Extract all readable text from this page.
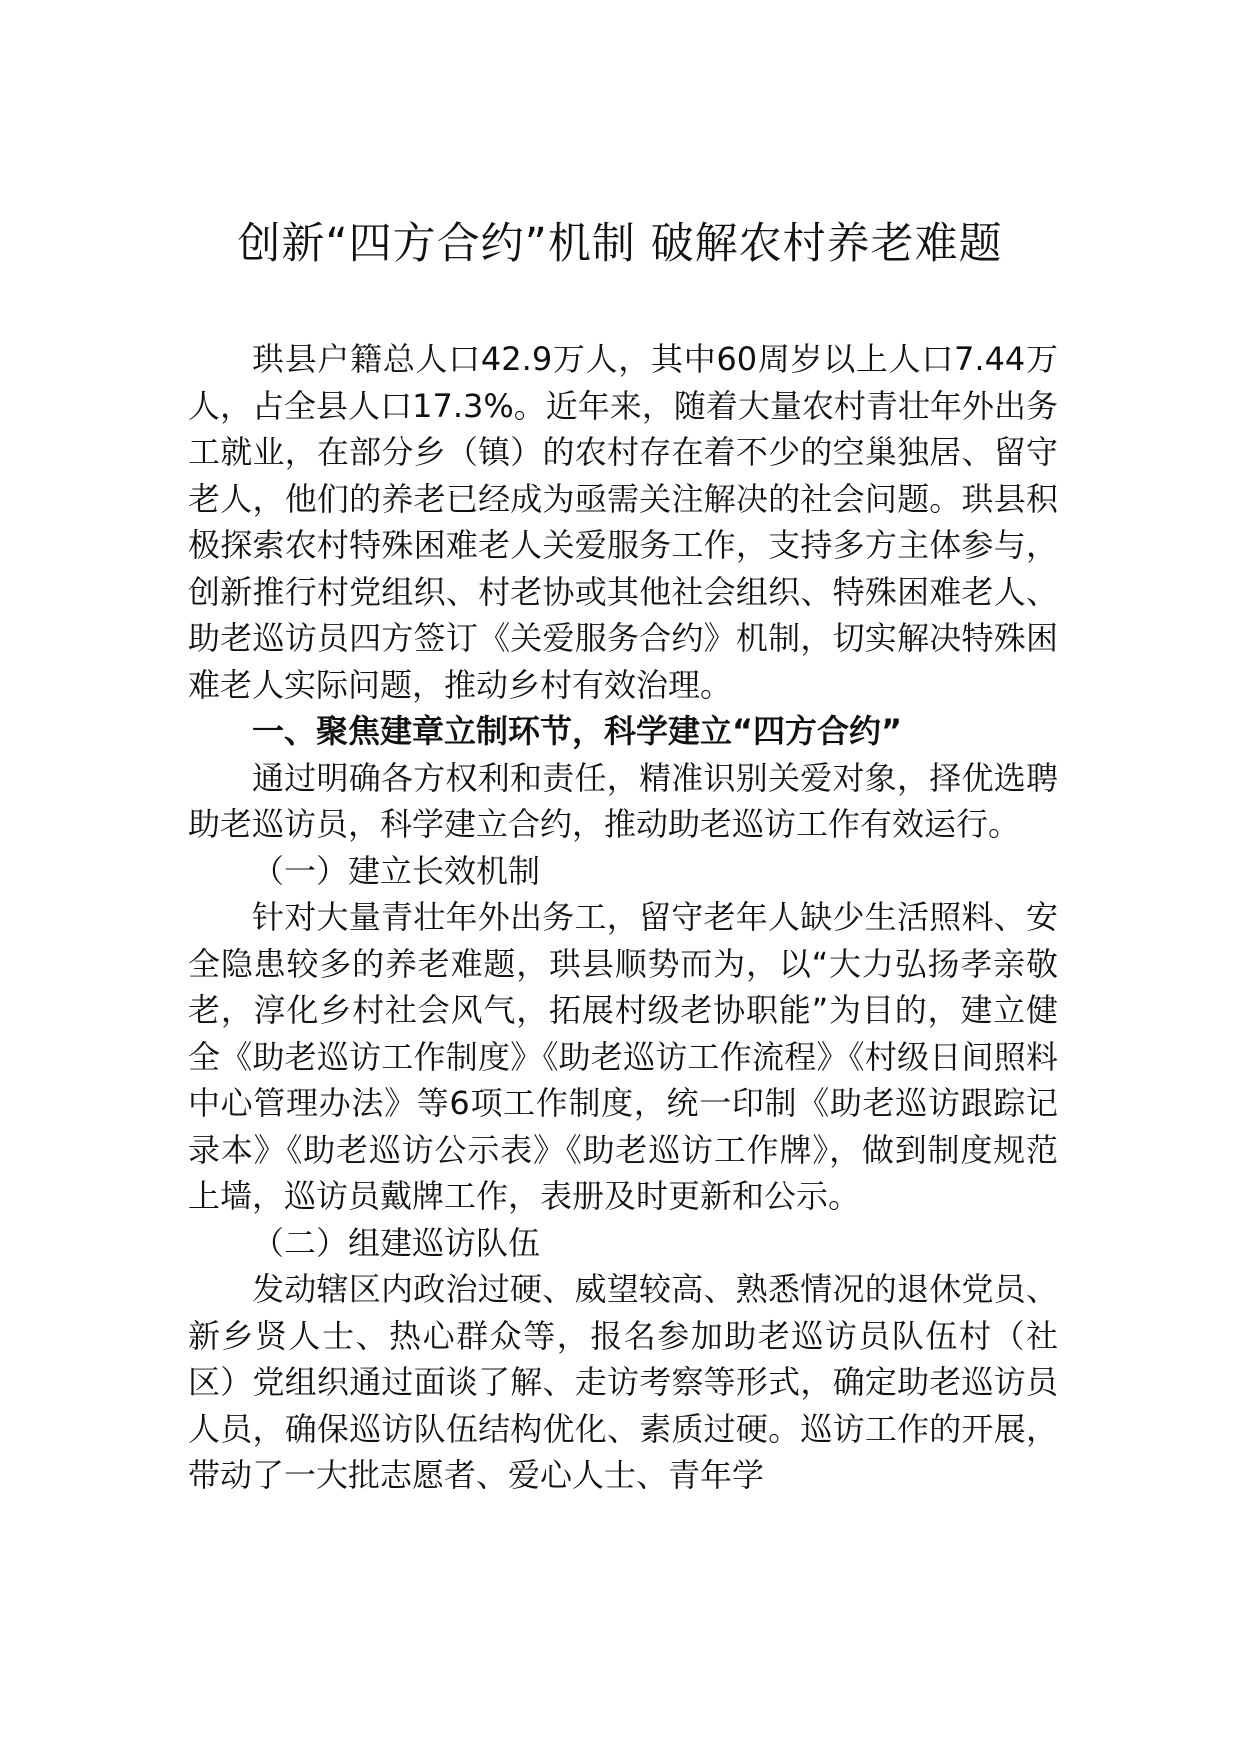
创新“四方合约”机制 破解农村养老难题

珙县户籍总人口42.9万人，其中60周岁以上人口7.44万人，占全县人口17.3%。近年来，随着大量农村青壮年外出务工就业，在部分乡（镇）的农村存在着不少的空巢独居、留守老人，他们的养老已经成为亟需关注解决的社会问题。珙县积极探索农村特殊困难老人关爱服务工作，支持多方主体参与，创新推行村党组织、村老协或其他社会组织、特殊困难老人、助老巡访员四方签订《关爱服务合约》机制，切实解决特殊困难老人实际问题，推动乡村有效治理。

一、聚焦建章立制环节，科学建立“四方合约”

通过明确各方权利和责任，精准识别关爱对象，择优选聘助老巡访员，科学建立合约，推动助老巡访工作有效运行。

（一）建立长效机制

针对大量青壮年外出务工，留守老年人缺少生活照料、安全隐患较多的养老难题，珙县顺势而为，以“大力弘扬孝亲敬老，淳化乡村社会风气，拓展村级老协职能”为目的，建立健全《助老巡访工作制度》《助老巡访工作流程》《村级日间照料中心管理办法》等6项工作制度，统一印制《助老巡访跟踪记录本》《助老巡访公示表》《助老巡访工作牌》，做到制度规范上墙，巡访员戴牌工作，表册及时更新和公示。

（二）组建巡访队伍

发动辖区内政治过硬、威望较高、熟悉情况的退休党员、新乡贤人士、热心群众等，报名参加助老巡访员队伍村（社区）党组织通过面谈了解、走访考察等形式，确定助老巡访员人员，确保巡访队伍结构优化、素质过硬。巡访工作的开展，带动了一大批志愿者、爱心人士、青年学
